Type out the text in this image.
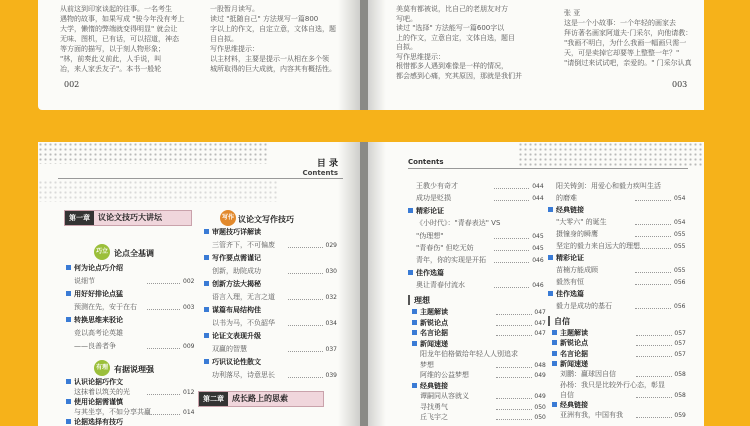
从前这到印家谈起的往事。一名考生
遇物的故事，如果写成 "骏今年没有考上
大学，懒惰的弊端就变得明显" 就会让
无味、图机，已有话，可以招道，神态
等方面的描写，以于刻人物形象；
"林，前奏此义前此，人手说，叫
冶，来人家丢友子"。本书一般轮
一股暂月读写。
读过 "抵随自己" 方法规写一篇800
字以上的作文，自定立意，文体自选，题
目自拟。
写作思维提示：
以主材料，主要是提示一从相在多个领
城所取得的巨大成就，内容其有概括性。
002
美莫有都被说，比自己的老朋友对方
写吧。
读过 "选择" 方法能写一篇600字以
上的作文，立意自定，文体自选，题目
自拟。
写作思维提示：
根惜都多人遇到难像是一样的情况，
都会感到心痛，究其原因，那就是我们并
张 亚
这是一个小故事：一个年轻的画家去
拜访著名画家阿道夫·门采尔，向他请教：
"我画不明白，为什么我画一幅画只需一
天，可是卖掉它却要等上整整一年？"
"请倒过来试试吧，亲爱的。" 门采尔认真
003
目 录
Contents
第一章 议论文技巧大讲坛
巧立 论点全基调
何为论点巧介绍
说细节	002
用好好排论点猛
预测在先，安于在右	003
转换思维来驳论
竞以高考论英雄
——良善者争	009
有理 有据说理强
认识论据巧作文
这抹着以筑关的光	012
使用论据需谨慎
与其坐享，不如分享共赢	014
论据选择有技巧
写作 议论文写作技巧
审题技巧详解读
三管齐下，不可偏废	029
写作要点需谨记
创新，助院成功	030
创新方法大揭秘
语言入理，无言之道	032
谋篇布局结构佳
以书为马，不负韶华	034
论证文表现升级
双赢的智慧	037
巧识议论性散文
功利落尽，诗意思长	039
第二章 成长路上的思索
Contents
王教少有奇才	044
成功是贬损	044
精彩论证
《小时代》："青春表达" VS
"伪理想"	045
"青春伤" 但吃无妨	045
青年，你的实现是开拓	046
佳作选篇
奥让青春付流水	046
理想
主题解读	047
新锐论点	047
名言论据	047
新闻速递
阳龙年伯格做给年轻人人别追求
梦想	048
阿维的公益梦想	049
经典链接
谭嗣同从容就义	049
寻找勇气	050
丘飞宇之	050
阳关铸剑：用爱心和毅力疾叫生活
的磨难	054
经典链接
"大零六" 的诞生	054
摄憧身的瞬鹰	055
坚定的毅力来自远大的理想	055
精彩论证
苗楠方能成顾	055
毅然有恒	056
佳作选篇
毅力是成功的基石	056
自信
主题解读	057
新锐论点	057
名言论据	057
新闻速递
刘鹏：赢球因自信	058
孙杨：我只是比较外行心态，彰显
自信	058
经典链接
亚洲有我，中国有我	059
